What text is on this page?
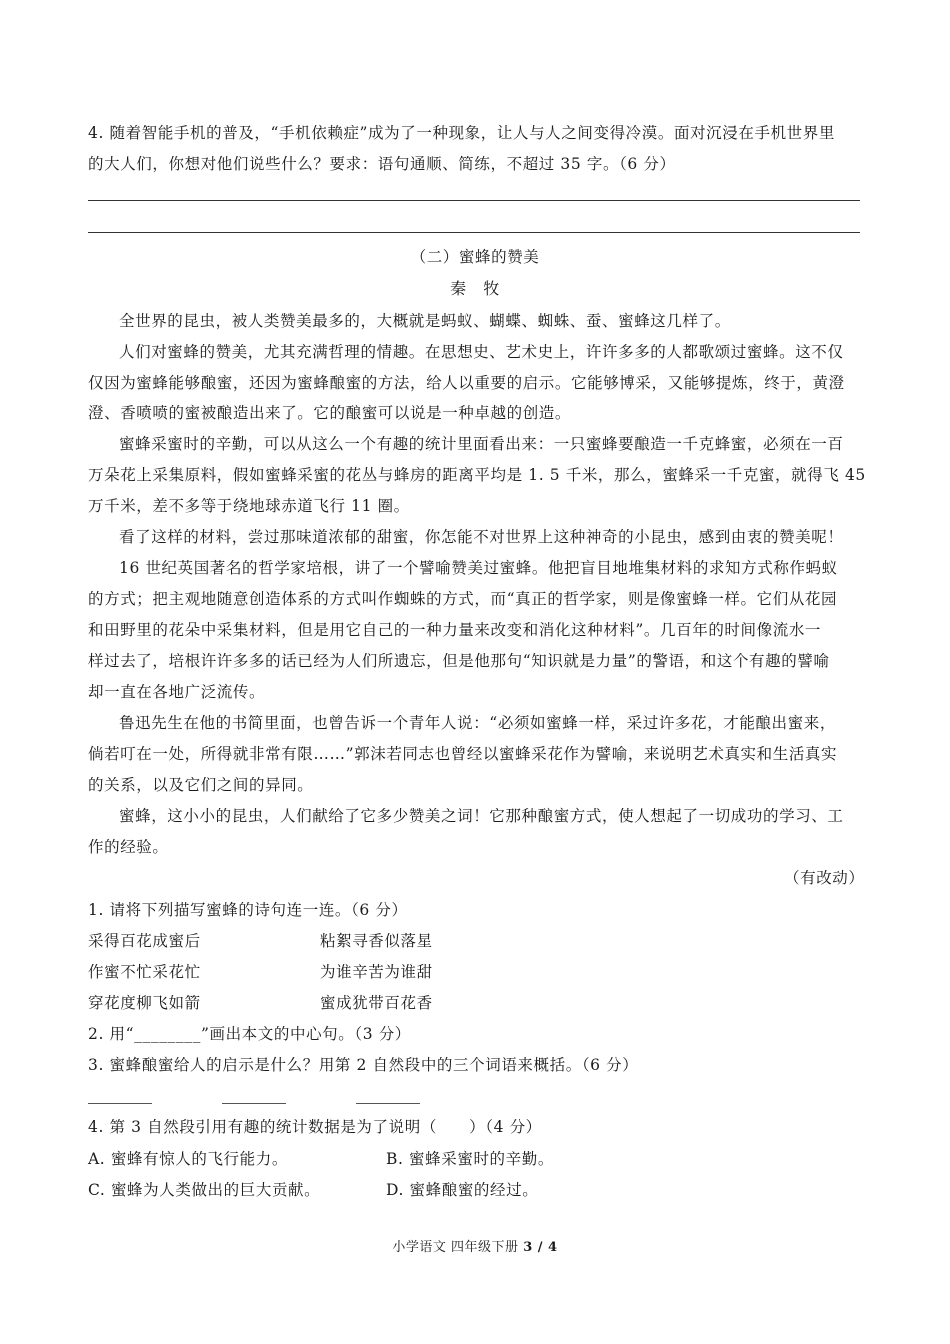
4. 随着智能手机的普及，“手机依赖症”成为了一种现象，让人与人之间变得冷漠。面对沉浸在手机世界里
的大人们，你想对他们说些什么？要求：语句通顺、简练，不超过 35 字。（6 分）
（二）蜜蜂的赞美
秦　牧
全世界的昆虫，被人类赞美最多的，大概就是蚂蚁、蝴蝶、蜘蛛、蚕、蜜蜂这几样了。
人们对蜜蜂的赞美，尤其充满哲理的情趣。在思想史、艺术史上，许许多多的人都歌颂过蜜蜂。这不仅
仅因为蜜蜂能够酿蜜，还因为蜜蜂酿蜜的方法，给人以重要的启示。它能够博采，又能够提炼，终于，黄澄
澄、香喷喷的蜜被酿造出来了。它的酿蜜可以说是一种卓越的创造。
蜜蜂采蜜时的辛勤，可以从这么一个有趣的统计里面看出来：一只蜜蜂要酿造一千克蜂蜜，必须在一百
万朵花上采集原料，假如蜜蜂采蜜的花丛与蜂房的距离平均是 1. 5 千米，那么，蜜蜂采一千克蜜，就得飞 45
万千米，差不多等于绕地球赤道飞行 11 圈。
看了这样的材料，尝过那味道浓郁的甜蜜，你怎能不对世界上这种神奇的小昆虫，感到由衷的赞美呢！
16 世纪英国著名的哲学家培根，讲了一个譬喻赞美过蜜蜂。他把盲目地堆集材料的求知方式称作蚂蚁
的方式；把主观地随意创造体系的方式叫作蜘蛛的方式，而“真正的哲学家，则是像蜜蜂一样。它们从花园
和田野里的花朵中采集材料，但是用它自己的一种力量来改变和消化这种材料”。几百年的时间像流水一
样过去了，培根许许多多的话已经为人们所遗忘，但是他那句“知识就是力量”的警语，和这个有趣的譬喻
却一直在各地广泛流传。
鲁迅先生在他的书简里面，也曾告诉一个青年人说：“必须如蜜蜂一样，采过许多花，才能酿出蜜来，
倘若叮在一处，所得就非常有限……”郭沫若同志也曾经以蜜蜂采花作为譬喻，来说明艺术真实和生活真实
的关系，以及它们之间的异同。
蜜蜂，这小小的昆虫，人们献给了它多少赞美之词！它那种酿蜜方式，使人想起了一切成功的学习、工
作的经验。
（有改动）
1. 请将下列描写蜜蜂的诗句连一连。（6 分）
采得百花成蜜后	粘絮寻香似落星
作蜜不忙采花忙	为谁辛苦为谁甜
穿花度柳飞如箭	蜜成犹带百花香
2. 用“________”画出本文的中心句。（3 分）
3. 蜜蜂酿蜜给人的启示是什么？用第 2 自然段中的三个词语来概括。（6 分）
4. 第 3 自然段引用有趣的统计数据是为了说明（　　）（4 分）
A. 蜜蜂有惊人的飞行能力。	B. 蜜蜂采蜜时的辛勤。
C. 蜜蜂为人类做出的巨大贡献。	D. 蜜蜂酿蜜的经过。
小学语文 四年级下册 3 / 4
